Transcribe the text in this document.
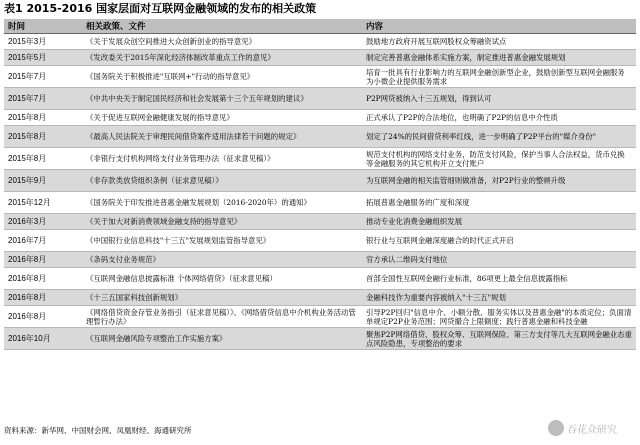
表1 2015-2016 国家层面对互联网金融领域的发布的相关政策
时间	相关政策、文件	内容
2015年3月	《关于发展众创空间推进大众创新创业的指导意见》	鼓励地方政府开展互联网股权众筹融资试点
2015年5月	《发改委关于2015年深化经济体制改革重点工作的意见》	制定完善普惠金融体系实施方案，制定推进普惠金融发展规划
2015年7月	《国务院关于积极推进"互联网+"行动的指导意见》	培育一批具有行业影响力的互联网金融创新型企业，鼓励创新型互联网金融服务为小微企业提供服务需求
2015年7月	《中共中央关于制定国民经济和社会发展第十三个五年规划的建议》	P2P网贷被纳入十三五规划，得到认可
2015年8月	《关于促进互联网金融健康发展的指导意见》	正式承认了P2P的合法地位，也明确了P2P的信息中介性质
2015年8月	《最高人民法院关于审理民间借贷案件适用法律若干问题的规定》	划定了24%的民间借贷利率红线，进一步明确了P2P平台的"媒介身份"
2015年8月	《非银行支付机构网络支付业务管理办法（征求意见稿）》	规范支付机构的网络支付业务，防范支付风险，保护当事人合法权益，货币兑换等金融服务的其它机构开立支付账户
2015年9月	《非存款类放贷组织条例（征求意见稿）》	为互联网金融的相关监管细则做准备，对P2P行业的整顿升级
2015年12月	《国务院关于印发推进普惠金融发展规划（2016-2020年）的通知》	拓展普惠金融服务的广度和深度
2016年3月	《关于加大对新消费领域金融支持的指导意见》	推动专业化消费金融组织发展
2016年7月	《中国银行业信息科技"十三五"发展规划监管指导意见》	银行业与互联网金融深度融合的时代正式开启
2016年8月	《条码支付业务规范》	官方承认二维码支付地位
2016年8月	《互联网金融信息披露标准 个体网络借贷》（征求意见稿）	首部全国性互联网金融行业标准，86项更上最全信息披露指标
2016年8月	《十三五国家科技创新规划》	金融科技作为重要内容被纳入"十三五"规划
2016年8月	《网络借贷资金存管业务指引（征求意见稿）》、《网络借贷信息中介机构业务活动管理暂行办法》	引导P2P回归"信息中介、小额分散、服务实体以及普惠金融"的本质定位；负面清单规定P2P业务范围；网贷撮合上限额度；践行普惠金融和科技金融
2016年10月	《互联网金融风险专项整治工作实施方案》	聚焦P2P网络借贷、股权众筹、互联网保险、第三方支付等几大互联网金融业态重点风险隐患，专项整治的要求
资料来源：新华网、中国财会网、凤凰财经、海通研究所	吞花众研究
